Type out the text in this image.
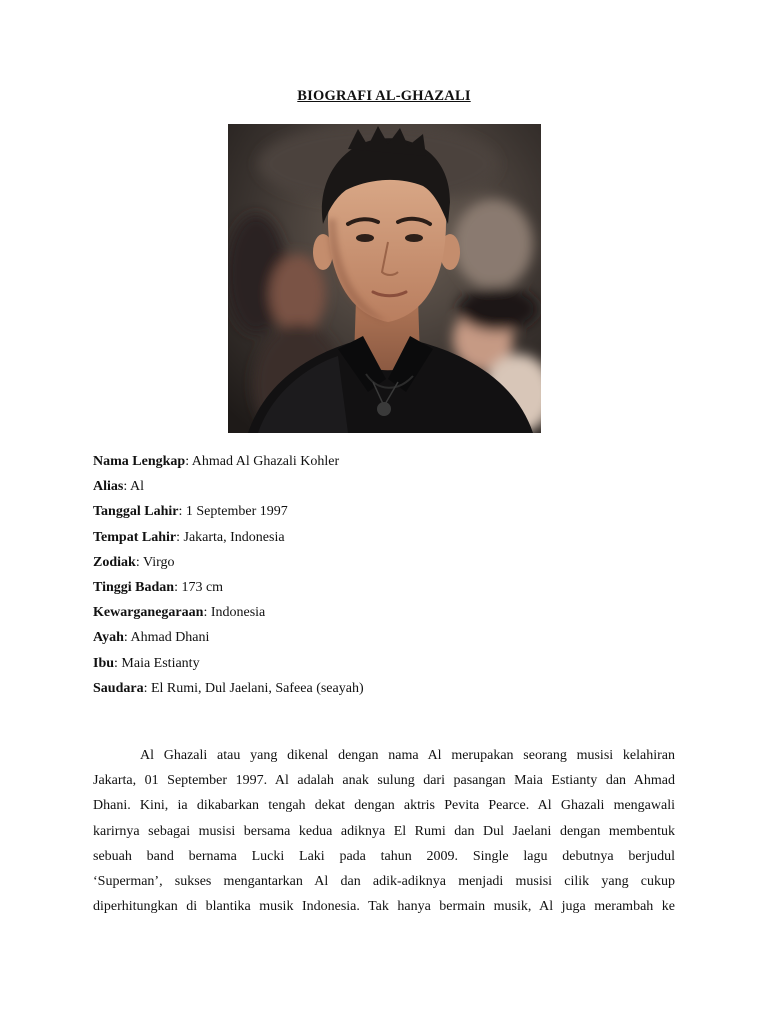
BIOGRAFI AL-GHAZALI
Nama Lengkap: Ahmad Al Ghazali Kohler
Alias: Al
Tanggal Lahir: 1 September 1997
Tempat Lahir: Jakarta, Indonesia
Zodiak: Virgo
Tinggi Badan: 173 cm
Kewarganegaraan: Indonesia
Ayah: Ahmad Dhani
Ibu: Maia Estianty
Saudara: El Rumi, Dul Jaelani, Safeea (seayah)
Al Ghazali atau yang dikenal dengan nama Al merupakan seorang musisi kelahiran
Jakarta, 01 September 1997. Al adalah anak sulung dari pasangan Maia Estianty dan Ahmad
Dhani. Kini, ia dikabarkan tengah dekat dengan aktris Pevita Pearce. Al Ghazali mengawali
karirnya sebagai musisi bersama kedua adiknya El Rumi dan Dul Jaelani dengan membentuk
sebuah band bernama Lucki Laki pada tahun 2009. Single lagu debutnya berjudul
‘Superman’, sukses mengantarkan Al dan adik-adiknya menjadi musisi cilik yang cukup
diperhitungkan di blantika musik Indonesia. Tak hanya bermain musik, Al juga merambah ke
